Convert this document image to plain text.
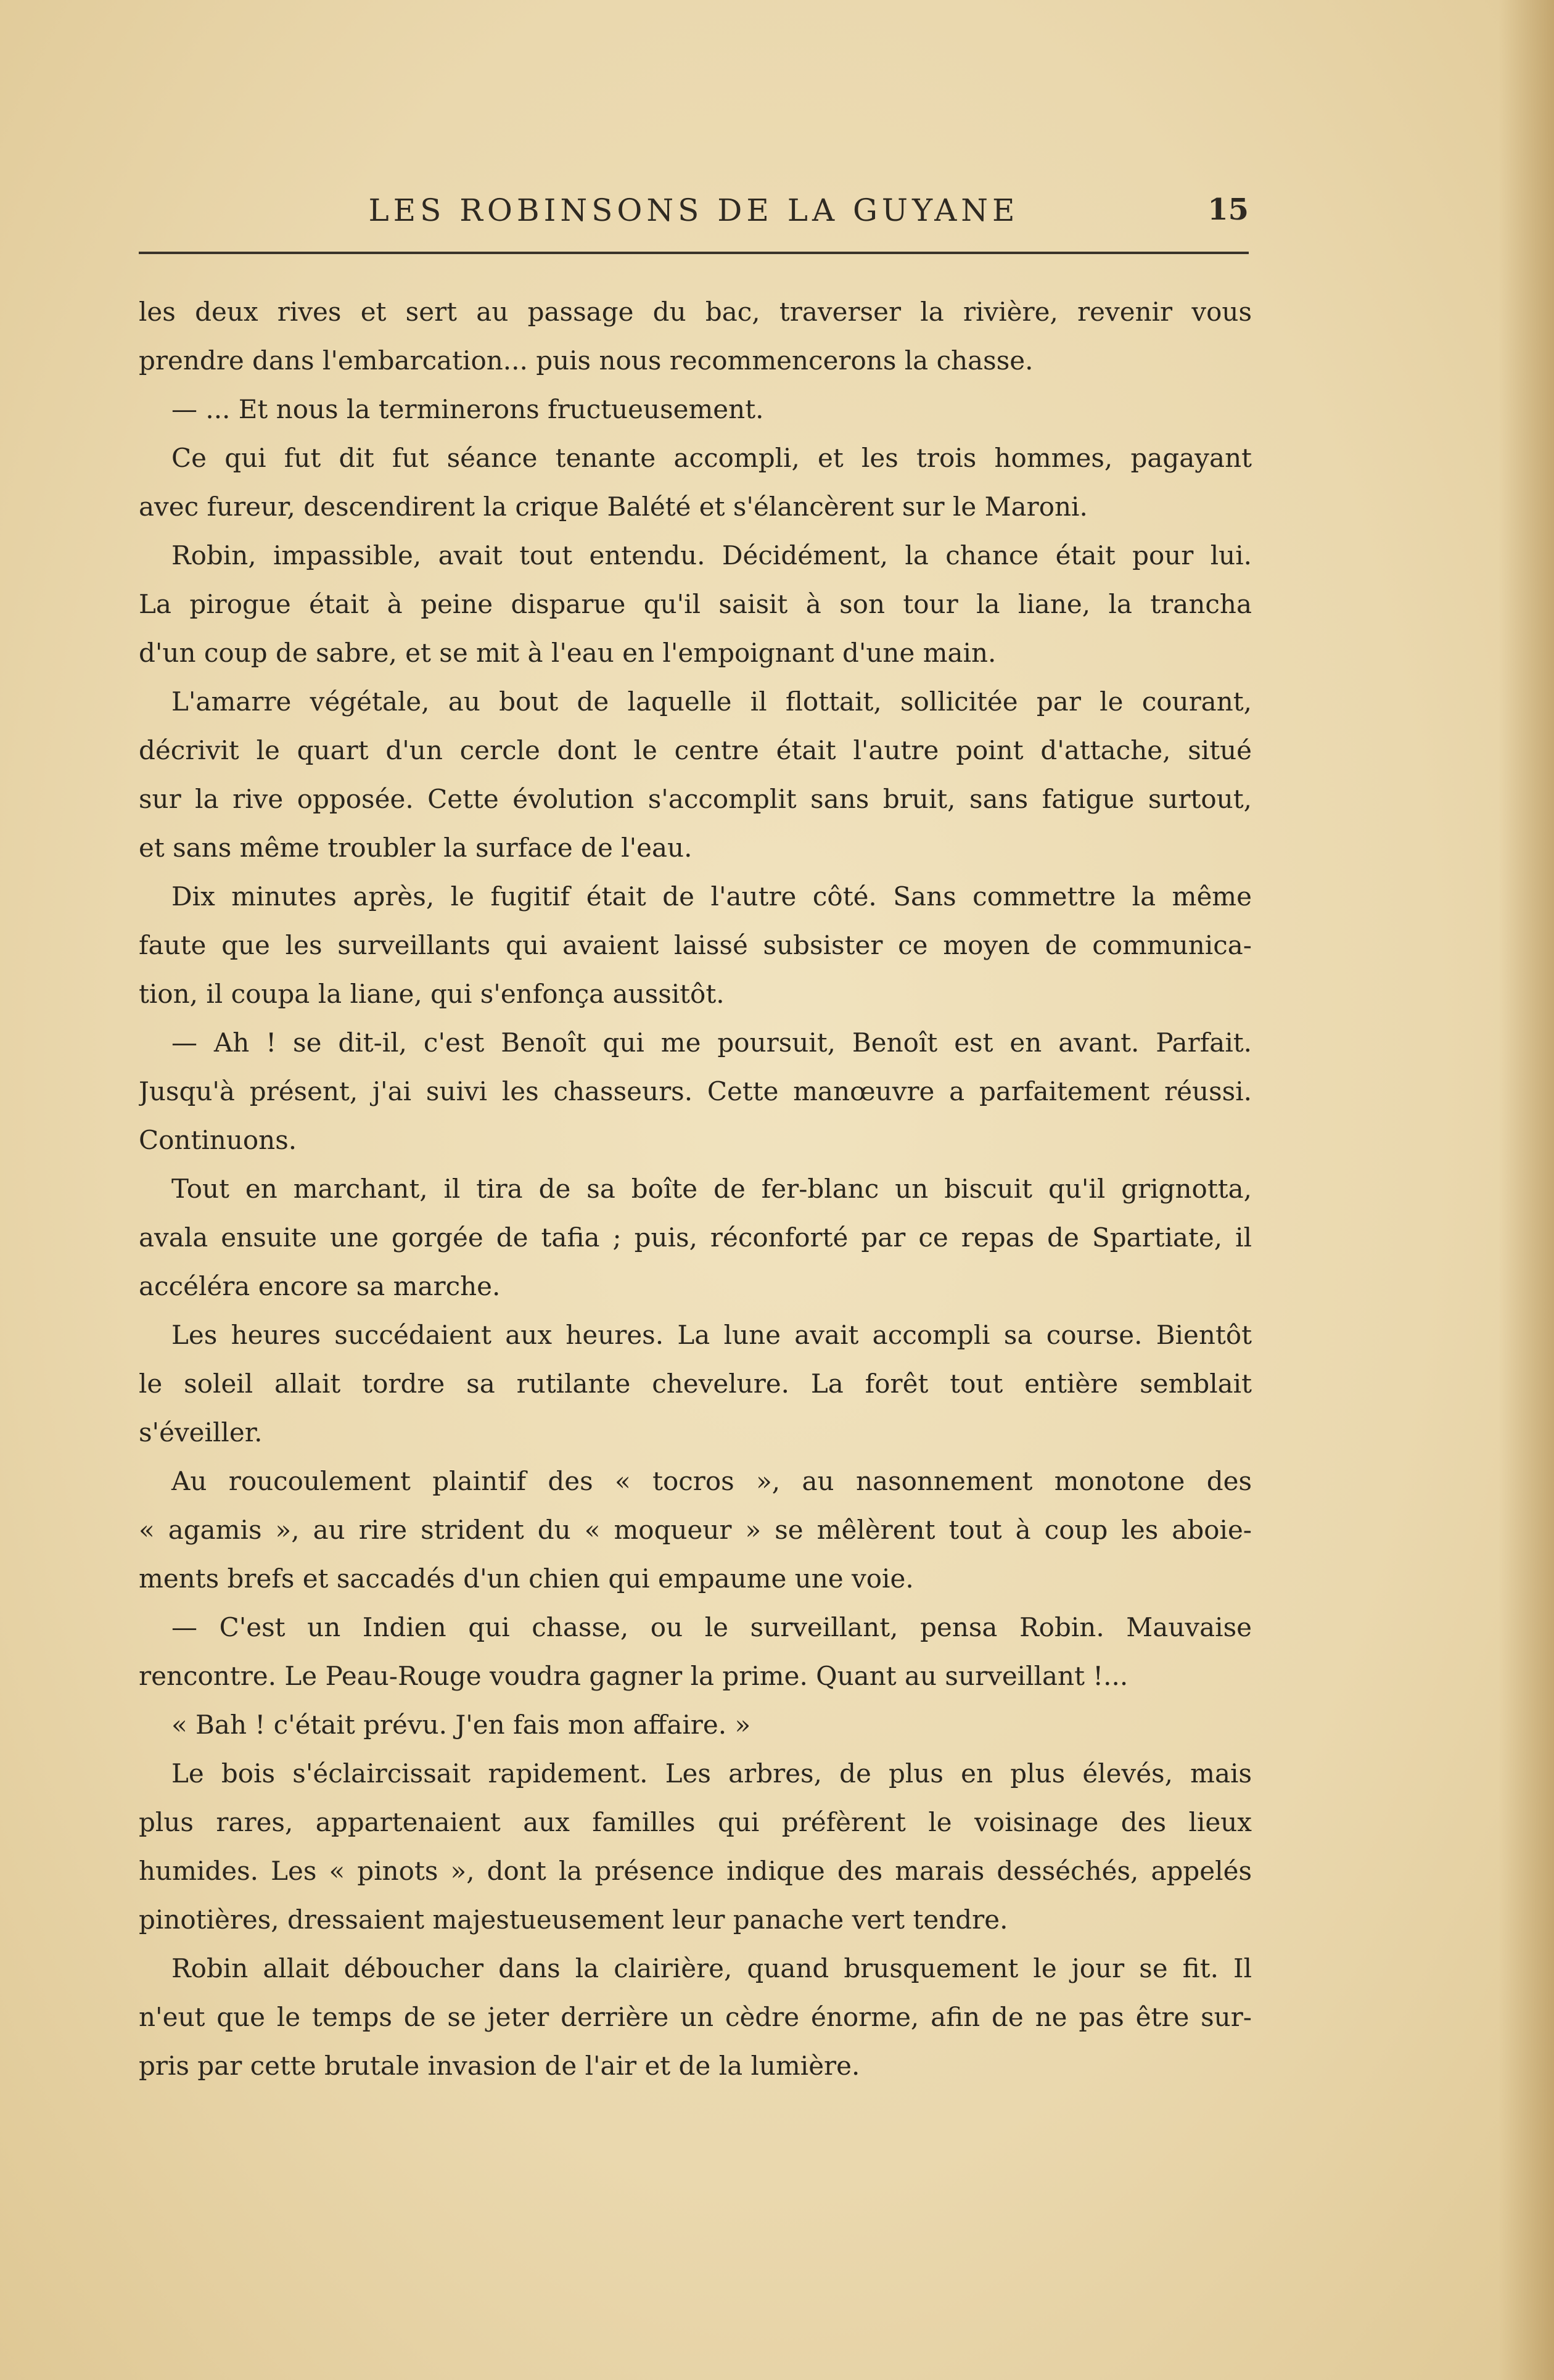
LES ROBINSONS DE LA GUYANE	15
les deux rives et sert au passage du bac, traverser la rivière, revenir vous
prendre dans l'embarcation... puis nous recommencerons la chasse.
— ... Et nous la terminerons fructueusement.
Ce qui fut dit fut séance tenante accompli, et les trois hommes, pagayant
avec fureur, descendirent la crique Balété et s'élancèrent sur le Maroni.
Robin, impassible, avait tout entendu. Décidément, la chance était pour lui.
La pirogue était à peine disparue qu'il saisit à son tour la liane, la trancha
d'un coup de sabre, et se mit à l'eau en l'empoignant d'une main.
L'amarre végétale, au bout de laquelle il flottait, sollicitée par le courant,
décrivit le quart d'un cercle dont le centre était l'autre point d'attache, situé
sur la rive opposée. Cette évolution s'accomplit sans bruit, sans fatigue surtout,
et sans même troubler la surface de l'eau.
Dix minutes après, le fugitif était de l'autre côté. Sans commettre la même
faute que les surveillants qui avaient laissé subsister ce moyen de communica-
tion, il coupa la liane, qui s'enfonça aussitôt.
— Ah ! se dit-il, c'est Benoît qui me poursuit, Benoît est en avant. Parfait.
Jusqu'à présent, j'ai suivi les chasseurs. Cette manœuvre a parfaitement réussi.
Continuons.
Tout en marchant, il tira de sa boîte de fer-blanc un biscuit qu'il grignotta,
avala ensuite une gorgée de tafia ; puis, réconforté par ce repas de Spartiate, il
accéléra encore sa marche.
Les heures succédaient aux heures. La lune avait accompli sa course. Bientôt
le soleil allait tordre sa rutilante chevelure. La forêt tout entière semblait
s'éveiller.
Au roucoulement plaintif des « tocros », au nasonnement monotone des
« agamis », au rire strident du « moqueur » se mêlèrent tout à coup les aboie-
ments brefs et saccadés d'un chien qui empaume une voie.
— C'est un Indien qui chasse, ou le surveillant, pensa Robin. Mauvaise
rencontre. Le Peau-Rouge voudra gagner la prime. Quant au surveillant !...
« Bah ! c'était prévu. J'en fais mon affaire. »
Le bois s'éclaircissait rapidement. Les arbres, de plus en plus élevés, mais
plus rares, appartenaient aux familles qui préfèrent le voisinage des lieux
humides. Les « pinots », dont la présence indique des marais desséchés, appelés
pinotières, dressaient majestueusement leur panache vert tendre.
Robin allait déboucher dans la clairière, quand brusquement le jour se fit. Il
n'eut que le temps de se jeter derrière un cèdre énorme, afin de ne pas être sur-
pris par cette brutale invasion de l'air et de la lumière.
